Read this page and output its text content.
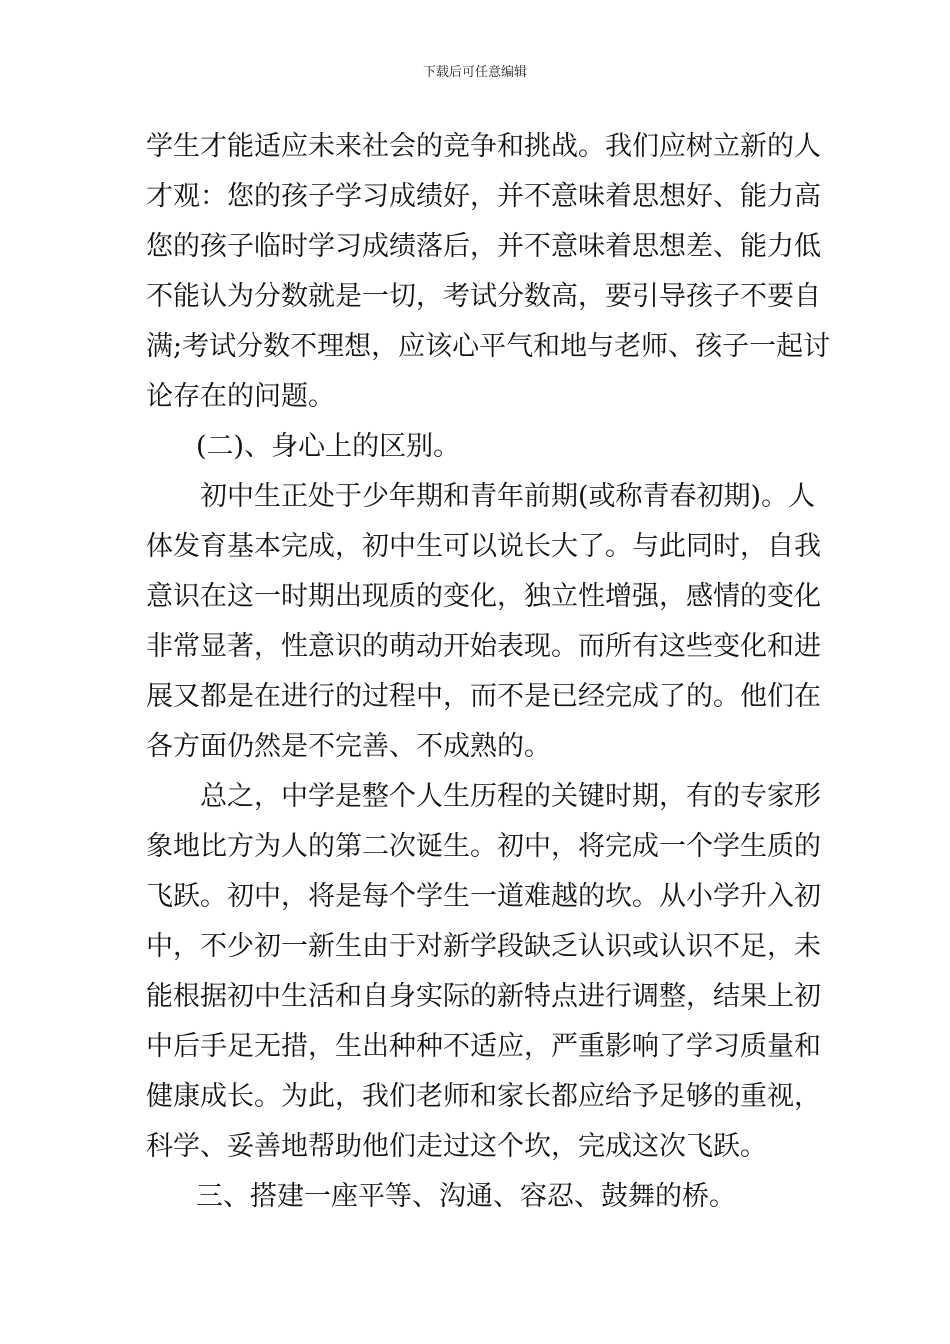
下载后可任意编辑
学生才能适应未来社会的竞争和挑战。我们应树立新的人
才观：您的孩子学习成绩好，并不意味着思想好、能力高
您的孩子临时学习成绩落后，并不意味着思想差、能力低
不能认为分数就是一切，考试分数高，要引导孩子不要自
满;考试分数不理想，应该心平气和地与老师、孩子一起讨
论存在的问题。
(二)、身心上的区别。
初中生正处于少年期和青年前期(或称青春初期)。人
体发育基本完成，初中生可以说长大了。与此同时，自我
意识在这一时期出现质的变化，独立性增强，感情的变化
非常显著，性意识的萌动开始表现。而所有这些变化和进
展又都是在进行的过程中，而不是已经完成了的。他们在
各方面仍然是不完善、不成熟的。
总之，中学是整个人生历程的关键时期，有的专家形
象地比方为人的第二次诞生。初中，将完成一个学生质的
飞跃。初中，将是每个学生一道难越的坎。从小学升入初
中，不少初一新生由于对新学段缺乏认识或认识不足，未
能根据初中生活和自身实际的新特点进行调整，结果上初
中后手足无措，生出种种不适应，严重影响了学习质量和
健康成长。为此，我们老师和家长都应给予足够的重视，
科学、妥善地帮助他们走过这个坎，完成这次飞跃。
三、搭建一座平等、沟通、容忍、鼓舞的桥。
